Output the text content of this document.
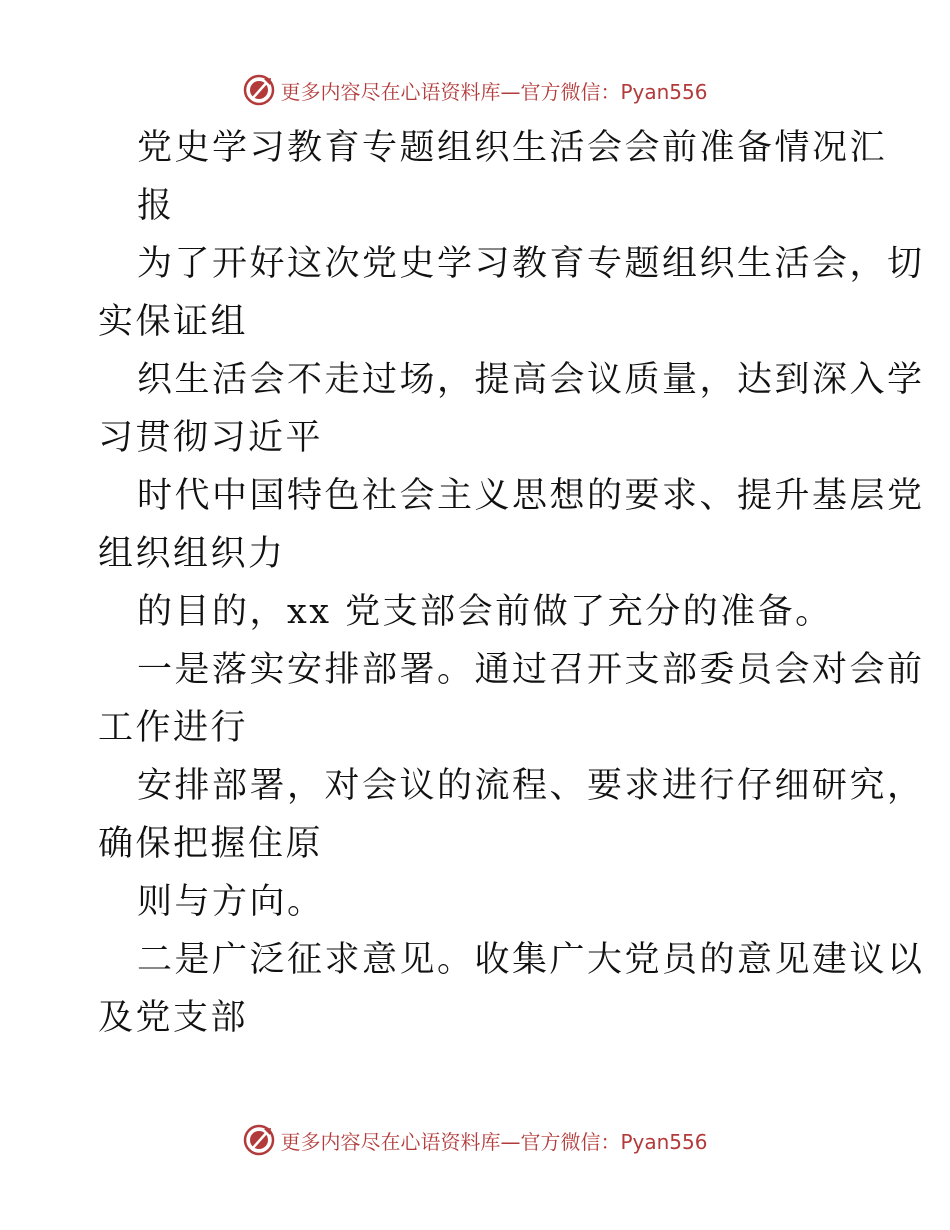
更多内容尽在心语资料库—官方微信：Pyan556
党史学习教育专题组织生活会会前准备情况汇
报
为了开好这次党史学习教育专题组织生活会，切
实保证组
织生活会不走过场，提高会议质量，达到深入学
习贯彻习近平
时代中国特色社会主义思想的要求、提升基层党
组织组织力
的目的，xx 党支部会前做了充分的准备。
一是落实安排部署。通过召开支部委员会对会前
工作进行
安排部署，对会议的流程、要求进行仔细研究，
确保把握住原
则与方向。
二是广泛征求意见。收集广大党员的意见建议以
及党支部
更多内容尽在心语资料库—官方微信：Pyan556
